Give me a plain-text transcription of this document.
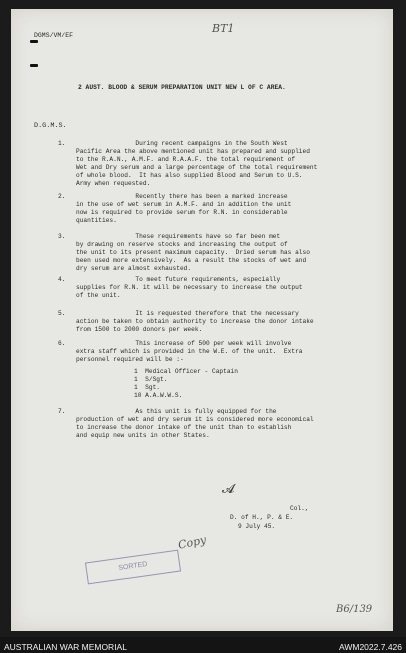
DGMS/VM/EF
BT1
2 AUST. BLOOD & SERUM PREPARATION UNIT NEW L OF C AREA.
D.G.M.S.
1. During recent campaigns in the South West
Pacific Area the above mentioned unit has prepared and supplied
to the R.A.N., A.M.F. and R.A.A.F. the total requirement of
Wet and Dry serum and a large percentage of the total requirement
of whole blood.  It has also supplied Blood and Serum to U.S.
Army when requested.
2. Recently there has been a marked increase
in the use of wet serum in A.M.F. and in addition the unit
now is required to provide serum for R.N. in considerable
quantities.
3. These requirements have so far been met
by drawing on reserve stocks and increasing the output of
the unit to its present maximum capacity.  Dried serum has also
been used more extensively.  As a result the stocks of wet and
dry serum are almost exhausted.
4. To meet future requirements, especially
supplies for R.N. it will be necessary to increase the output
of the unit.
5. It is requested therefore that the necessary
action be taken to obtain authority to increase the donor intake
from 1500 to 2000 donors per week.
6. This increase of 500 per week will involve
extra staff which is provided in the W.E. of the unit.  Extra
personnel required will be :-
7. As this unit is fully equipped for the
production of wet and dry serum it is considered more economical
to increase the donor intake of the unit than to establish
and equip new units in other States.
1  Medical Officer - Captain
1  S/Sgt.
1  Sgt.
10 A.A.W.W.S.
𝓐
Col.,
D. of H., P. & E.
9 July 45.
Copy
SORTED
B6/139
AUSTRALIAN WAR MEMORIAL	AWM2022.7.426
